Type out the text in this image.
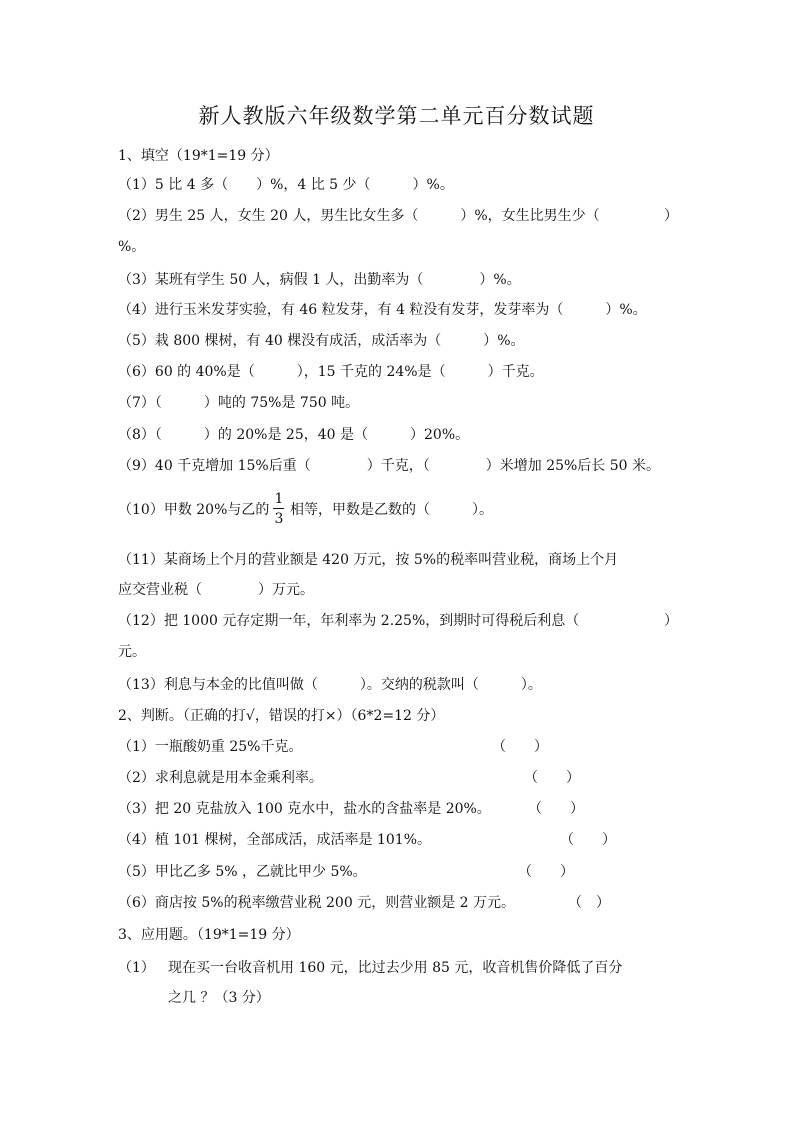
新人教版六年级数学第二单元百分数试题
1、填空（19*1=19 分）
（1）5 比 4 多（　　）%，4 比 5 少（　　　）%。
（2）男生 25 人，女生 20 人，男生比女生多（　　　）%，女生比男生少（	）
%。
（3）某班有学生 50 人，病假 1 人，出勤率为（　　　　）%。
（4）进行玉米发芽实验，有 46 粒发芽，有 4 粒没有发芽，发芽率为（　　　）%。
（5）栽 800 棵树，有 40 棵没有成活，成活率为（　　　）%。
（6）60 的 40%是（　　　），15 千克的 24%是（　　　）千克。
（7）（　　　）吨的 75%是 750 吨。
（8）（　　　）的 20%是 25，40 是（　　　）20%。
（9）40 千克增加 15%后重（　　　　）千克，（　　　　）米增加 25%后长 50 米。
（10）甲数 20%与乙的
1
3
相等，甲数是乙数的（　　　）。
（11）某商场上个月的营业额是 420 万元，按 5%的税率叫营业税，商场上个月
应交营业税（　　　　）万元。
（12）把 1000 元存定期一年，年利率为 2.25%，到期时可得税后利息（	）
元。
（13）利息与本金的比值叫做（　　　）。交纳的税款叫（　　　）。
2、判断。（正确的打√，错误的打×）（6*2=12 分）
（1）一瓶酸奶重 25%千克。	（　　）
（2）求利息就是用本金乘利率。	（　　）
（3）把 20 克盐放入 100 克水中，盐水的含盐率是 20%。	（　　）
（4）植 101 棵树，全部成活，成活率是 101%。	（　　）
（5）甲比乙多 5% ，乙就比甲少 5%。	（　　）
（6）商店按 5%的税率缴营业税 200 元，则营业额是 2 万元。	（　）
3、应用题。（19*1=19 分）
（1） 现在买一台收音机用 160 元，比过去少用 85 元，收音机售价降低了百分
之几 ？（3 分）
